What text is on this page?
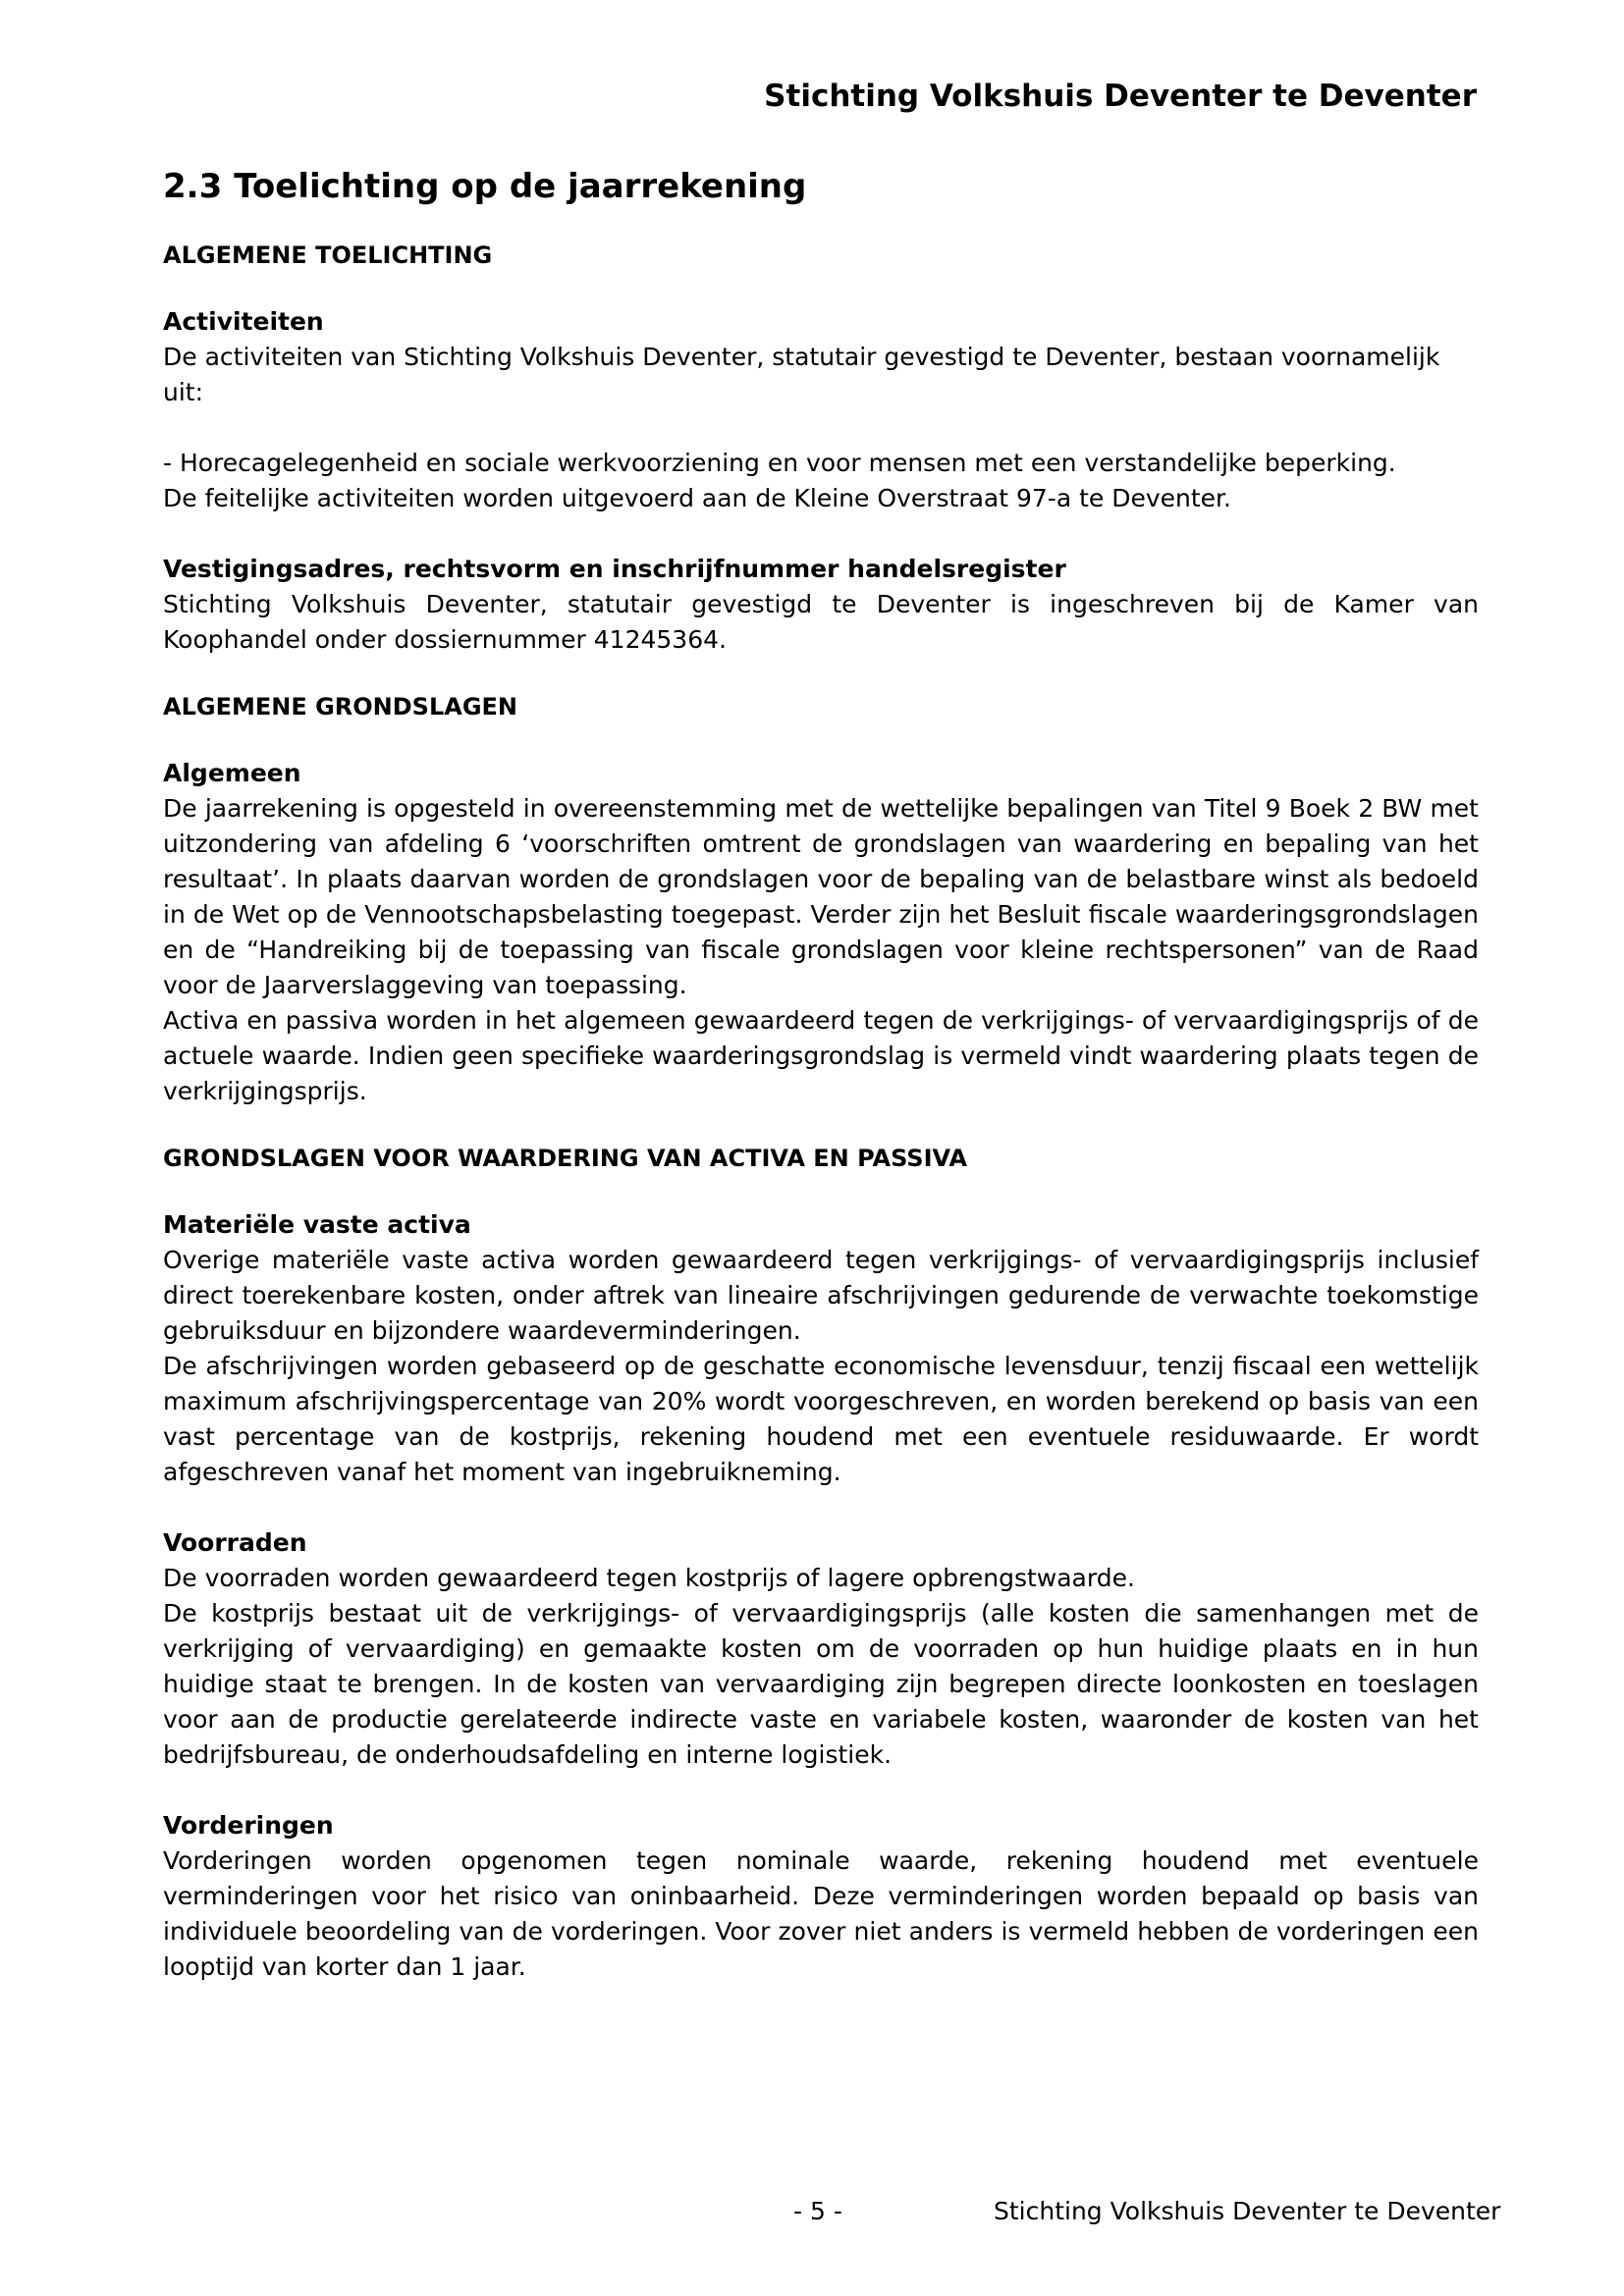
Stichting Volkshuis Deventer te Deventer
2.3 Toelichting op de jaarrekening
ALGEMENE TOELICHTING
Activiteiten

De activiteiten van Stichting Volkshuis Deventer, statutair gevestigd te Deventer, bestaan voornamelijk uit:

- Horecagelegenheid en sociale werkvoorziening en voor mensen met een verstandelijke beperking.

De feitelijke activiteiten worden uitgevoerd aan de Kleine Overstraat 97-a te Deventer.

Vestigingsadres, rechtsvorm en inschrijfnummer handelsregister

Stichting Volkshuis Deventer, statutair gevestigd te Deventer is ingeschreven bij de Kamer van Koophandel onder dossiernummer 41245364.

ALGEMENE GRONDSLAGEN
Algemeen

De jaarrekening is opgesteld in overeenstemming met de wettelijke bepalingen van Titel 9 Boek 2 BW met uitzondering van afdeling 6 ‘voorschriften omtrent de grondslagen van waardering en bepaling van het resultaat’. In plaats daarvan worden de grondslagen voor de bepaling van de belastbare winst als bedoeld in de Wet op de Vennootschapsbelasting toegepast. Verder zijn het Besluit fiscale waarderingsgrondslagen en de “Handreiking bij de toepassing van fiscale grondslagen voor kleine rechtspersonen” van de Raad voor de Jaarverslaggeving van toepassing.

Activa en passiva worden in het algemeen gewaardeerd tegen de verkrijgings- of vervaardigingsprijs of de actuele waarde. Indien geen specifieke waarderingsgrondslag is vermeld vindt waardering plaats tegen de verkrijgingsprijs.

GRONDSLAGEN VOOR WAARDERING VAN ACTIVA EN PASSIVA
Materiële vaste activa

Overige materiële vaste activa worden gewaardeerd tegen verkrijgings- of vervaardigingsprijs inclusief direct toerekenbare kosten, onder aftrek van lineaire afschrijvingen gedurende de verwachte toekomstige gebruiksduur en bijzondere waardeverminderingen.

De afschrijvingen worden gebaseerd op de geschatte economische levensduur, tenzij fiscaal een wettelijk maximum afschrijvingspercentage van 20% wordt voorgeschreven, en worden berekend op basis van een vast percentage van de kostprijs, rekening houdend met een eventuele residuwaarde. Er wordt afgeschreven vanaf het moment van ingebruikneming.

Voorraden

De voorraden worden gewaardeerd tegen kostprijs of lagere opbrengstwaarde.

De kostprijs bestaat uit de verkrijgings- of vervaardigingsprijs (alle kosten die samenhangen met de verkrijging of vervaardiging) en gemaakte kosten om de voorraden op hun huidige plaats en in hun huidige staat te brengen. In de kosten van vervaardiging zijn begrepen directe loonkosten en toeslagen voor aan de productie gerelateerde indirecte vaste en variabele kosten, waaronder de kosten van het bedrijfsbureau, de onderhoudsafdeling en interne logistiek.

Vorderingen

Vorderingen worden opgenomen tegen nominale waarde, rekening houdend met eventuele verminderingen voor het risico van oninbaarheid. Deze verminderingen worden bepaald op basis van individuele beoordeling van de vorderingen. Voor zover niet anders is vermeld hebben de vorderingen een looptijd van korter dan 1 jaar.

- 5 -	Stichting Volkshuis Deventer te Deventer
